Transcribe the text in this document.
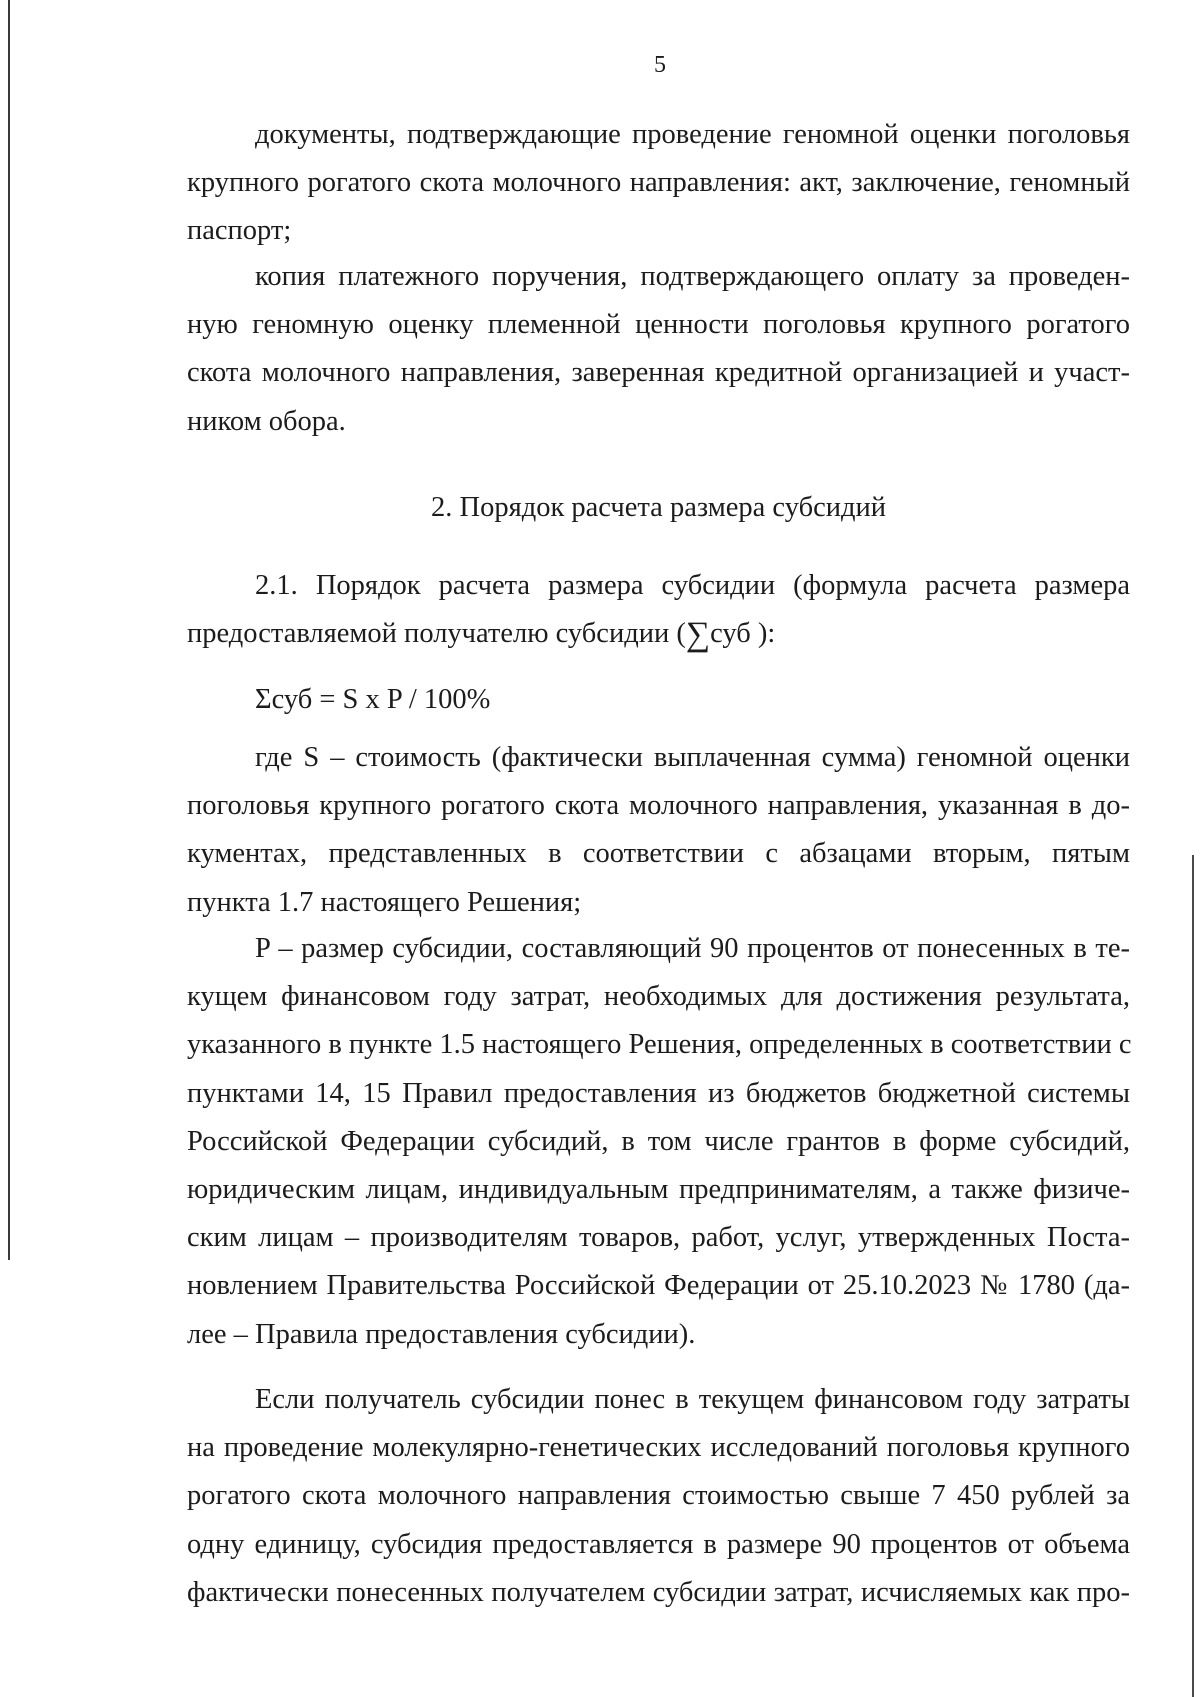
5
документы, подтверждающие проведение геномной оценки поголовья
крупного рогатого скота молочного направления: акт, заключение, геномный
паспорт;
копия платежного поручения, подтверждающего оплату за проведен-
ную геномную оценку племенной ценности поголовья крупного рогатого
скота молочного направления, заверенная кредитной организацией и участ-
ником обора.
2. Порядок расчета размера субсидий
2.1. Порядок расчета размера субсидии (формула расчета размера
предоставляемой получателю субсидии (∑суб ):
Σсуб = S x P / 100%
где S – стоимость (фактически выплаченная сумма) геномной оценки
поголовья крупного рогатого скота молочного направления, указанная в до-
кументах, представленных в соответствии с абзацами вторым, пятым
пункта 1.7 настоящего Решения;
P – размер субсидии, составляющий 90 процентов от понесенных в те-
кущем финансовом году затрат, необходимых для достижения результата,
указанного в пункте 1.5 настоящего Решения, определенных в соответствии с
пунктами 14, 15 Правил предоставления из бюджетов бюджетной системы
Российской Федерации субсидий, в том числе грантов в форме субсидий,
юридическим лицам, индивидуальным предпринимателям, а также физиче-
ским лицам – производителям товаров, работ, услуг, утвержденных Поста-
новлением Правительства Российской Федерации от 25.10.2023 № 1780 (да-
лее – Правила предоставления субсидии).
Если получатель субсидии понес в текущем финансовом году затраты
на проведение молекулярно-генетических исследований поголовья крупного
рогатого скота молочного направления стоимостью свыше 7 450 рублей за
одну единицу, субсидия предоставляется в размере 90 процентов от объема
фактически понесенных получателем субсидии затрат, исчисляемых как про-
